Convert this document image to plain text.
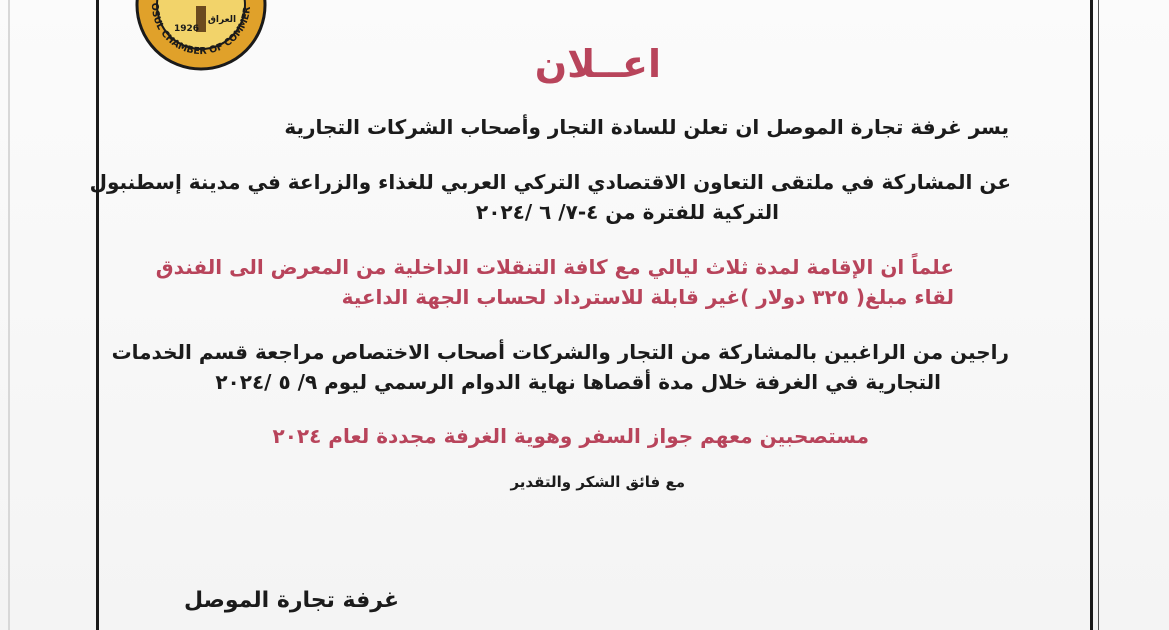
1926
العراق
OSUL CHAMBER OF COMMER
اعــلان
يسر غرفة تجارة الموصل ان تعلن للسادة التجار وأصحاب الشركات التجارية
عن المشاركة في ملتقى التعاون الاقتصادي التركي العربي للغذاء والزراعة في مدينة إسطنبول
التركية للفترة من ٤-٧/ ٦ /٢٠٢٤
علماً ان الإقامة لمدة ثلاث ليالي مع كافة التنقلات الداخلية من المعرض الى الفندق
لقاء مبلغ( ٣٢٥ دولار )غير قابلة للاسترداد لحساب الجهة الداعية
راجين من الراغبين بالمشاركة من التجار والشركات أصحاب الاختصاص مراجعة قسم الخدمات
التجارية في الغرفة خلال مدة أقصاها نهاية الدوام الرسمي ليوم ٩/ ٥ /٢٠٢٤
مستصحبين معهم جواز السفر وهوية الغرفة مجددة لعام ٢٠٢٤
مع فائق الشكر والتقدير
غرفة تجارة الموصل
